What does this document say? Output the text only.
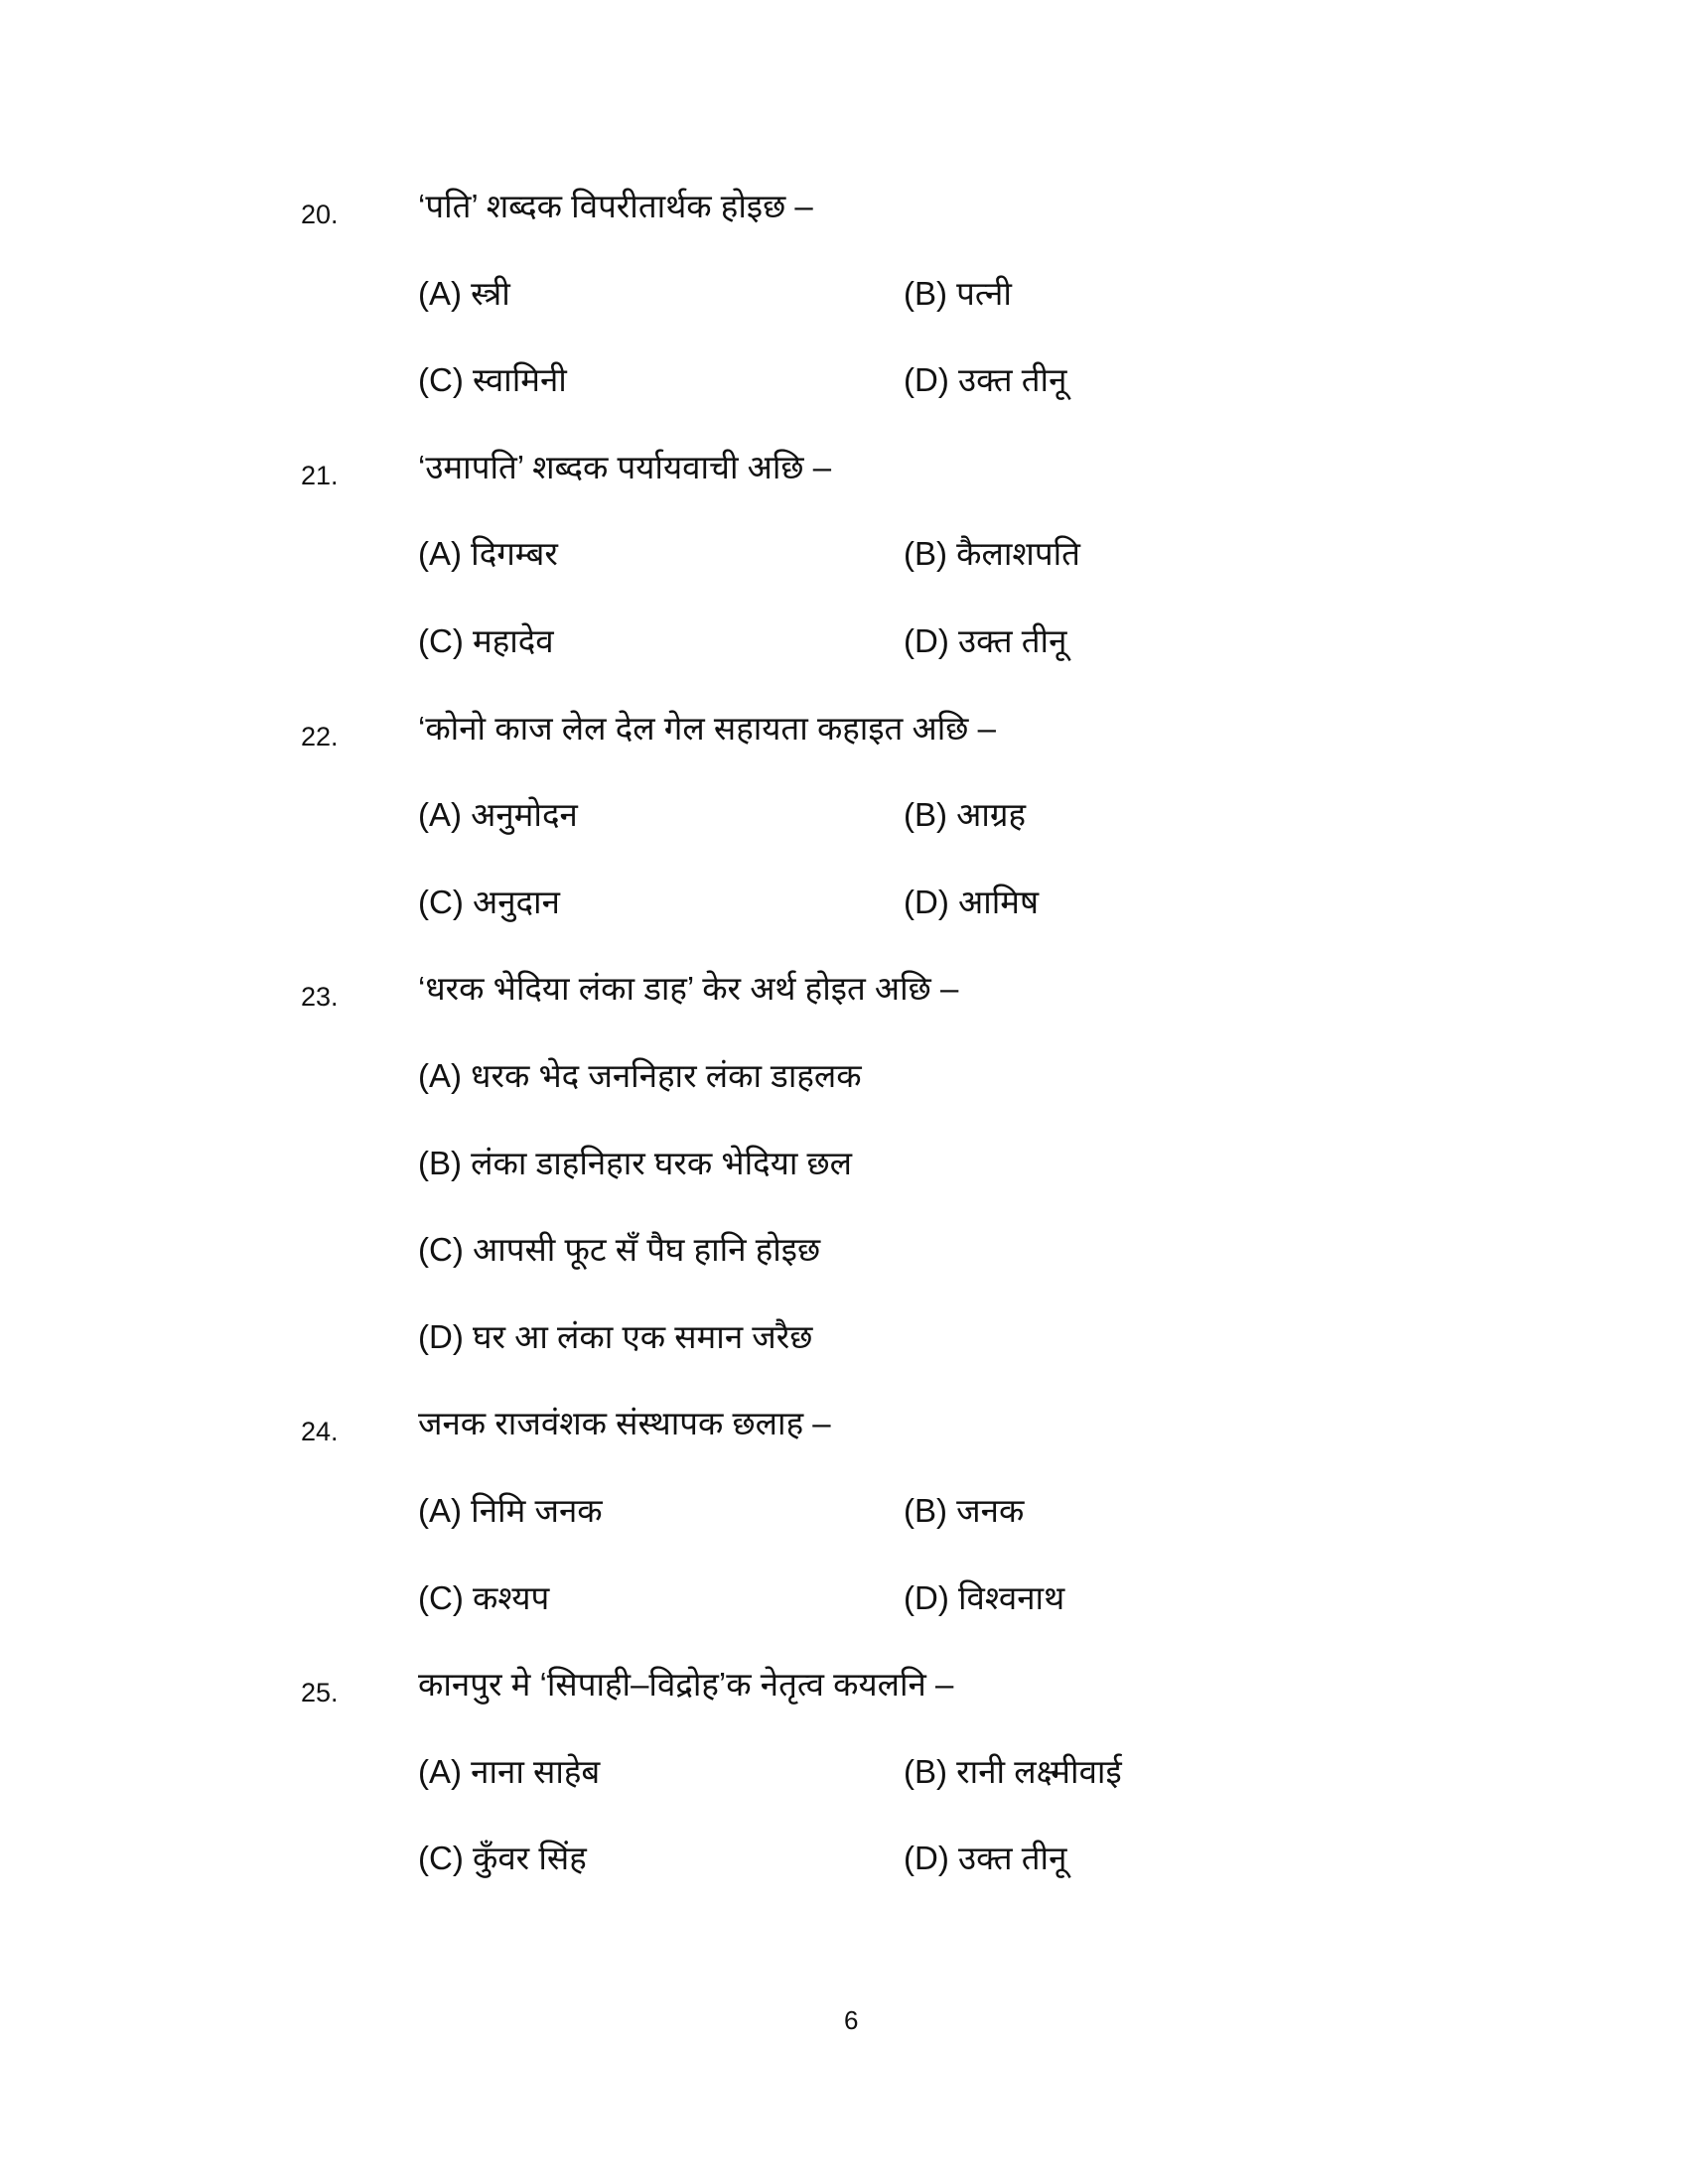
20. ‘पति’ शब्दक विपरीतार्थक होइछ –
(A) स्त्री	(B) पत्नी
(C) स्वामिनी	(D) उक्त तीनू
21. ‘उमापति’ शब्दक पर्यायवाची अछि –
(A) दिगम्बर	(B) कैलाशपति
(C) महादेव	(D) उक्त तीनू
22. ‘कोनो काज लेल देल गेल सहायता कहाइत अछि –
(A) अनुमोदन	(B) आग्रह
(C) अनुदान	(D) आमिष
23. ‘धरक भेदिया लंका डाह’ केर अर्थ होइत अछि –
(A) धरक भेद जननिहार लंका डाहलक
(B) लंका डाहनिहार घरक भेदिया छल
(C) आपसी फूट सँ पैघ हानि होइछ
(D) घर आ लंका एक समान जरैछ
24. जनक राजवंशक संस्थापक छलाह –
(A) निमि जनक	(B) जनक
(C) कश्यप	(D) विश्वनाथ
25. कानपुर मे ‘सिपाही–विद्रोह’क नेतृत्व कयलनि –
(A) नाना साहेब	(B) रानी लक्ष्मीवाई
(C) कुँवर सिंह	(D) उक्त तीनू
6
